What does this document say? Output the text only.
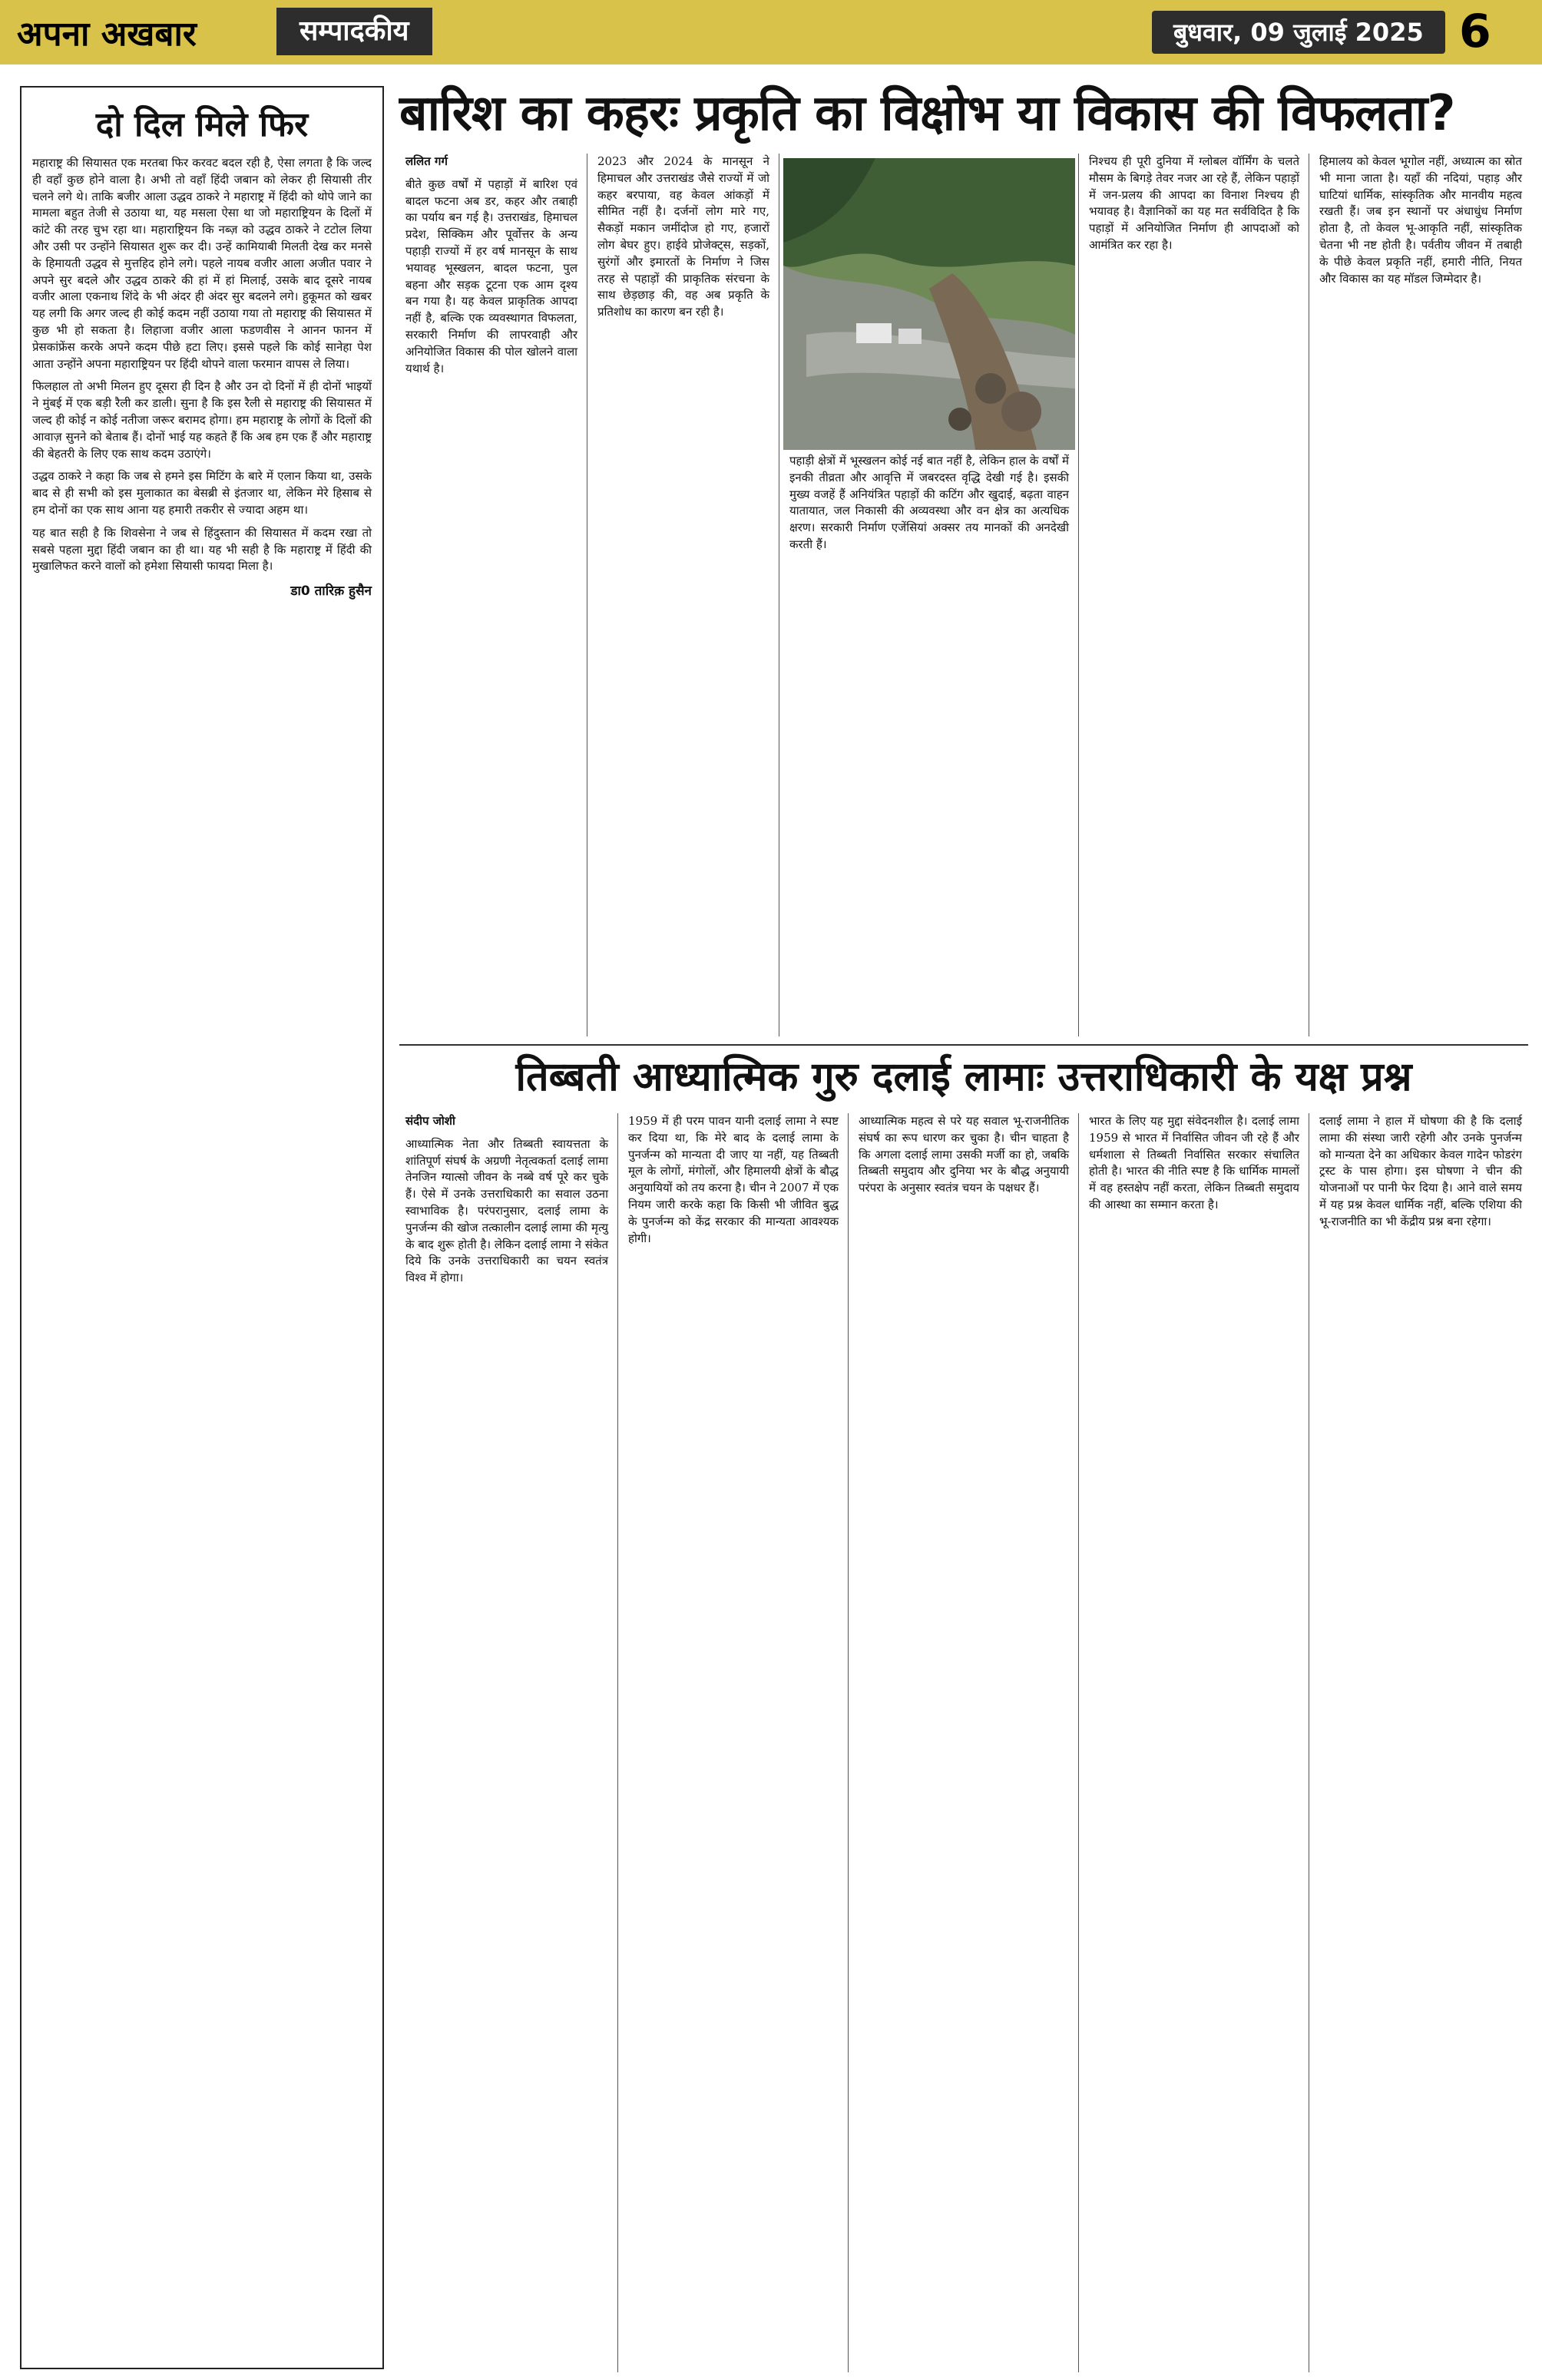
अपना अखबार	सम्पादकीय	बुधवार, 09 जुलाई 2025 6
दो दिल मिले फिर

महाराष्ट्र की सियासत एक मरतबा फिर करवट बदल रही है, ऐसा लगता है कि जल्द ही वहाँ कुछ होने वाला है। अभी तो वहाँ हिंदी जबान को लेकर ही सियासी तीर चलने लगे थे। ताकि बजीर आला उद्धव ठाकरे ने महाराष्ट्र में हिंदी को थोपे जाने का मामला बहुत तेजी से उठाया था, यह मसला ऐसा था जो महाराष्ट्रियन के दिलों में कांटे की तरह चुभ रहा था। महाराष्ट्रियन कि नब्ज़ को उद्धव ठाकरे ने टटोल लिया और उसी पर उन्होंने सियासत शुरू कर दी। उन्हें कामियाबी मिलती देख कर मनसे के हिमायती उद्धव से मुत्तहिद होने लगे। पहले नायब वजीर आला अजीत पवार ने अपने सुर बदले और उद्धव ठाकरे की हां में हां मिलाई, उसके बाद दूसरे नायब वजीर आला एकनाथ शिंदे के भी अंदर ही अंदर सुर बदलने लगे। हुकूमत को खबर यह लगी कि अगर जल्द ही कोई कदम नहीं उठाया गया तो महाराष्ट्र की सियासत में कुछ भी हो सकता है। लिहाजा वजीर आला फडणवीस ने आनन फानन में प्रेसकांफ्रेंस करके अपने कदम पीछे हटा लिए। इससे पहले कि कोई सानेहा पेश आता उन्होंने अपना महाराष्ट्रियन पर हिंदी थोपने वाला फरमान वापस ले लिया।

फिलहाल तो अभी मिलन हुए दूसरा ही दिन है और उन दो दिनों में ही दोनों भाइयों ने मुंबई में एक बड़ी रैली कर डाली। सुना है कि इस रैली से महाराष्ट्र की सियासत में जल्द ही कोई न कोई नतीजा जरूर बरामद होगा। हम महाराष्ट्र के लोगों के दिलों की आवाज़ सुनने को बेताब हैं। दोनों भाई यह कहते हैं कि अब हम एक हैं और महाराष्ट्र की बेहतरी के लिए एक साथ कदम उठाएंगे।

उद्धव ठाकरे ने कहा कि जब से हमने इस मिटिंग के बारे में एलान किया था, उसके बाद से ही सभी को इस मुलाकात का बेसब्री से इंतजार था, लेकिन मेरे हिसाब से हम दोनों का एक साथ आना यह हमारी तकरीर से ज्यादा अहम था।

यह बात सही है कि शिवसेना ने जब से हिंदुस्तान की सियासत में कदम रखा तो सबसे पहला मुद्दा हिंदी जबान का ही था। यह भी सही है कि महाराष्ट्र में हिंदी की मुखालिफत करने वालों को हमेशा सियासी फायदा मिला है।

डा0 तारिक़ हुसैन
बारिश का कहरः प्रकृति का विक्षोभ या विकास की विफलता?

ललित गर्ग

बीते कुछ वर्षों में पहाड़ों में बारिश एवं बादल फटना अब डर, कहर और तबाही का पर्याय बन गई है। उत्तराखंड, हिमाचल प्रदेश, सिक्किम और पूर्वोत्तर के अन्य पहाड़ी राज्यों में हर वर्ष मानसून के साथ भयावह भूस्खलन, बादल फटना, पुल बहना और सड़क टूटना एक आम दृश्य बन गया है। यह केवल प्राकृतिक आपदा नहीं है, बल्कि एक व्यवस्थागत विफलता, सरकारी निर्माण की लापरवाही और अनियोजित विकास की पोल खोलने वाला यथार्थ है।

2023 और 2024 के मानसून ने हिमाचल और उत्तराखंड जैसे राज्यों में जो कहर बरपाया, वह केवल आंकड़ों में सीमित नहीं है। दर्जनों लोग मारे गए, सैकड़ों मकान जमींदोज हो गए, हजारों लोग बेघर हुए। हाईवे प्रोजेक्ट्स, सड़कों, सुरंगों और इमारतों के निर्माण ने जिस तरह से पहाड़ों की प्राकृतिक संरचना के साथ छेड़छाड़ की, वह अब प्रकृति के प्रतिशोध का कारण बन रही है।

पहाड़ी क्षेत्रों में भूस्खलन कोई नई बात नहीं है, लेकिन हाल के वर्षों में इनकी तीव्रता और आवृत्ति में जबरदस्त वृद्धि देखी गई है। इसकी मुख्य वजहें हैं अनियंत्रित पहाड़ों की कटिंग और खुदाई, बढ़ता वाहन यातायात, जल निकासी की अव्यवस्था और वन क्षेत्र का अत्यधिक क्षरण। सरकारी निर्माण एजेंसियां अक्सर तय मानकों की अनदेखी करती हैं।

निश्चय ही पूरी दुनिया में ग्लोबल वॉर्मिंग के चलते मौसम के बिगड़े तेवर नजर आ रहे हैं, लेकिन पहाड़ों में जन-प्रलय की आपदा का विनाश निश्चय ही भयावह है। वैज्ञानिकों का यह मत सर्वविदित है कि पहाड़ों में अनियोजित निर्माण ही आपदाओं को आमंत्रित कर रहा है।

हिमालय को केवल भूगोल नहीं, अध्यात्म का स्रोत भी माना जाता है। यहाँ की नदियां, पहाड़ और घाटियां धार्मिक, सांस्कृतिक और मानवीय महत्व रखती हैं। जब इन स्थानों पर अंधाधुंध निर्माण होता है, तो केवल भू-आकृति नहीं, सांस्कृतिक चेतना भी नष्ट होती है। पर्वतीय जीवन में तबाही के पीछे केवल प्रकृति नहीं, हमारी नीति, नियत और विकास का यह मॉडल जिम्मेदार है।

तिब्बती आध्यात्मिक गुरु दलाई लामाः उत्तराधिकारी के यक्ष प्रश्न

संदीप जोशी

आध्यात्मिक नेता और तिब्बती स्वायत्तता के शांतिपूर्ण संघर्ष के अग्रणी नेतृत्वकर्ता दलाई लामा तेनजिन ग्यात्सो जीवन के नब्बे वर्ष पूरे कर चुके हैं। ऐसे में उनके उत्तराधिकारी का सवाल उठना स्वाभाविक है। परंपरानुसार, दलाई लामा के पुनर्जन्म की खोज तत्कालीन दलाई लामा की मृत्यु के बाद शुरू होती है। लेकिन दलाई लामा ने संकेत दिये कि उनके उत्तराधिकारी का चयन स्वतंत्र विश्व में होगा।

1959 में ही परम पावन यानी दलाई लामा ने स्पष्ट कर दिया था, कि मेरे बाद के दलाई लामा के पुनर्जन्म को मान्यता दी जाए या नहीं, यह तिब्बती मूल के लोगों, मंगोलों, और हिमालयी क्षेत्रों के बौद्ध अनुयायियों को तय करना है। चीन ने 2007 में एक नियम जारी करके कहा कि किसी भी जीवित बुद्ध के पुनर्जन्म को केंद्र सरकार की मान्यता आवश्यक होगी।

आध्यात्मिक महत्व से परे यह सवाल भू-राजनीतिक संघर्ष का रूप धारण कर चुका है। चीन चाहता है कि अगला दलाई लामा उसकी मर्जी का हो, जबकि तिब्बती समुदाय और दुनिया भर के बौद्ध अनुयायी परंपरा के अनुसार स्वतंत्र चयन के पक्षधर हैं।

भारत के लिए यह मुद्दा संवेदनशील है। दलाई लामा 1959 से भारत में निर्वासित जीवन जी रहे हैं और धर्मशाला से तिब्बती निर्वासित सरकार संचालित होती है। भारत की नीति स्पष्ट है कि धार्मिक मामलों में वह हस्तक्षेप नहीं करता, लेकिन तिब्बती समुदाय की आस्था का सम्मान करता है।

दलाई लामा ने हाल में घोषणा की है कि दलाई लामा की संस्था जारी रहेगी और उनके पुनर्जन्म को मान्यता देने का अधिकार केवल गादेन फोडरंग ट्रस्ट के पास होगा। इस घोषणा ने चीन की योजनाओं पर पानी फेर दिया है। आने वाले समय में यह प्रश्न केवल धार्मिक नहीं, बल्कि एशिया की भू-राजनीति का भी केंद्रीय प्रश्न बना रहेगा।
